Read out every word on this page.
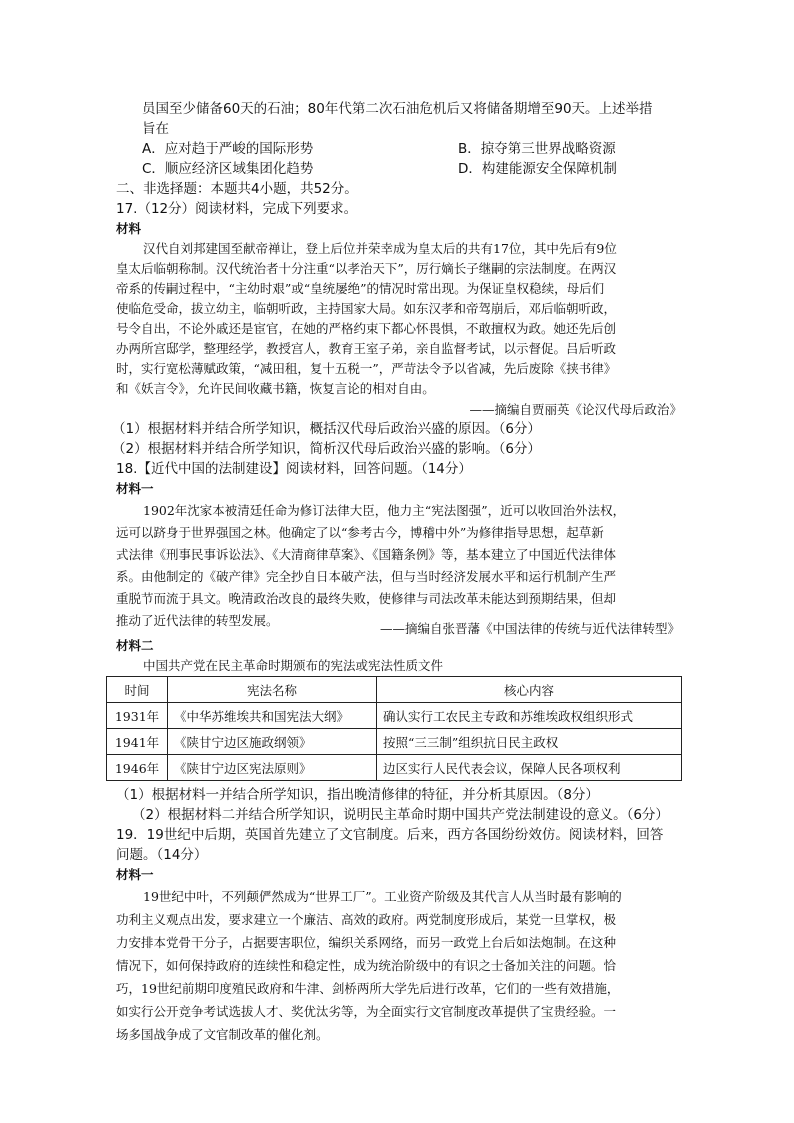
员国至少储备60天的石油；80年代第二次石油危机后又将储备期增至90天。上述举措
旨在
A．应对趋于严峻的国际形势	B．掠夺第三世界战略资源
C．顺应经济区域集团化趋势	D．构建能源安全保障机制
二、非选择题：本题共4小题，共52分。
17.（12分）阅读材料，完成下列要求。
材料
汉代自刘邦建国至献帝禅让，登上后位并荣幸成为皇太后的共有17位，其中先后有9位
皇太后临朝称制。汉代统治者十分注重“以孝治天下”，厉行嫡长子继嗣的宗法制度。在两汉
帝系的传嗣过程中，“主幼时艰”或“皇统屡绝”的情况时常出现。为保证皇权稳续，母后们
使临危受命，拔立幼主，临朝听政，主持国家大局。如东汉孝和帝驾崩后，邓后临朝听政，
号令自出，不论外戚还是宦官，在她的严格约束下都心怀畏惧，不敢擅权为政。她还先后创
办两所宫邸学，整理经学，教授宫人，教育王室子弟，亲自监督考试，以示督促。吕后听政
时，实行宽松薄赋政策，“减田租，复十五税一”，严苛法令予以省减，先后废除《挟书律》
和《妖言令》，允许民间收藏书籍，恢复言论的相对自由。
——摘编自贾丽英《论汉代母后政治》
（1）根据材料并结合所学知识，概括汉代母后政治兴盛的原因。（6分）
（2）根据材料并结合所学知识，简析汉代母后政治兴盛的影响。（6分）
18.【近代中国的法制建设】阅读材料，回答问题。（14分）
材料一
1902年沈家本被清廷任命为修订法律大臣，他力主“宪法图强”，近可以收回治外法权，
远可以跻身于世界强国之林。他确定了以“参考古今，博稽中外”为修律指导思想，起草新
式法律《刑事民事诉讼法》、《大清商律草案》、《国籍条例》等，基本建立了中国近代法律体
系。由他制定的《破产律》完全抄自日本破产法，但与当时经济发展水平和运行机制产生严
重脱节而流于具文。晚清政治改良的最终失败，使修律与司法改革未能达到预期结果，但却
推动了近代法律的转型发展。
——摘编自张晋藩《中国法律的传统与近代法律转型》
材料二
中国共产党在民主革命时期颁布的宪法或宪法性质文件
时间	宪法名称	核心内容
1931年	《中华苏维埃共和国宪法大纲》	确认实行工农民主专政和苏维埃政权组织形式
1941年	《陕甘宁边区施政纲领》	按照“三三制”组织抗日民主政权
1946年	《陕甘宁边区宪法原则》	边区实行人民代表会议，保障人民各项权利
（1）根据材料一并结合所学知识，指出晚清修律的特征，并分析其原因。（8分）
（2）根据材料二并结合所学知识，说明民主革命时期中国共产党法制建设的意义。（6分）
19．19世纪中后期，英国首先建立了文官制度。后来，西方各国纷纷效仿。阅读材料，回答
问题。（14分）
材料一
19世纪中叶，不列颠俨然成为“世界工厂”。工业资产阶级及其代言人从当时最有影响的
功利主义观点出发，要求建立一个廉洁、高效的政府。两党制度形成后，某党一旦掌权，极
力安排本党骨干分子，占据要害职位，编织关系网络，而另一政党上台后如法炮制。在这种
情况下，如何保持政府的连续性和稳定性，成为统治阶级中的有识之士备加关注的问题。恰
巧，19世纪前期印度殖民政府和牛津、剑桥两所大学先后进行改革，它们的一些有效措施，
如实行公开竞争考试选拔人才、奖优汰劣等，为全面实行文官制度改革提供了宝贵经验。一
场多国战争成了文官制改革的催化剂。
